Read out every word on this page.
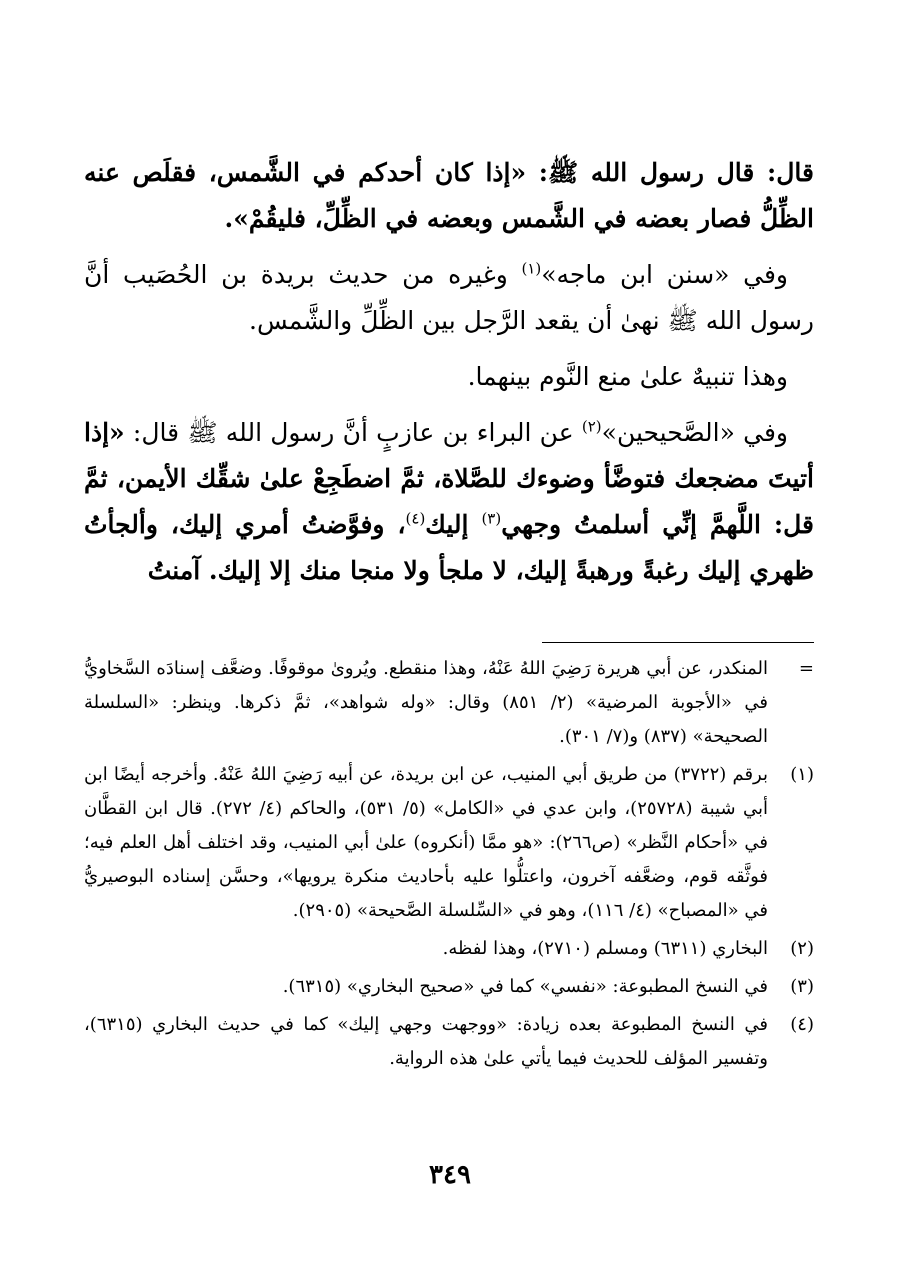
قال: قال رسول الله ﷺ: «إذا كان أحدكم في الشَّمس، فقلَص عنه الظِّلُّ فصار بعضه في الشَّمس وبعضه في الظِّلِّ، فليقُمْ».

وفي «سنن ابن ماجه»$^{(١)}$ وغيره من حديث بريدة بن الحُصَيب أنَّ رسول الله ﷺ نهىٰ أن يقعد الرَّجل بين الظِّلِّ والشَّمس.

وهذا تنبيهٌ علىٰ منع النَّوم بينهما.

وفي «الصَّحيحين»$^{(٢)}$ عن البراء بن عازبٍ أنَّ رسول الله ﷺ قال: «إذا أتيتَ مضجعك فتوضَّأ وضوءك للصَّلاة، ثمَّ اضطَجِعْ علىٰ شقِّك الأيمن، ثمَّ قل: اللَّهمَّ إنِّي أسلمتُ وجهي$^{(٣)}$ إليك$^{(٤)}$، وفوَّضتُ أمري إليك، وألجأتُ ظهري إليك رغبةً ورهبةً إليك، لا ملجأ ولا منجا منك إلا إليك. آمنتُ

=
المنكدر، عن أبي هريرة رَضِيَ اللهُ عَنْهُ، وهذا منقطع. ويُروىٰ موقوفًا. وضعَّف إسنادَه السَّخاويُّ في «الأجوبة المرضية» (٢/ ٨٥١) وقال: «وله شواهد»، ثمَّ ذكرها. وينظر: «السلسلة الصحيحة» (٨٣٧) و(٧/ ٣٠١).
(١)
برقم (٣٧٢٢) من طريق أبي المنيب، عن ابن بريدة، عن أبيه رَضِيَ اللهُ عَنْهُ. وأخرجه أيضًا ابن أبي شيبة (٢٥٧٢٨)، وابن عدي في «الكامل» (٥/ ٥٣١)، والحاكم (٤/ ٢٧٢). قال ابن القطَّان في «أحكام النَّظر» (ص٢٦٦): «هو ممَّا (أنكروه) علىٰ أبي المنيب، وقد اختلف أهل العلم فيه؛ فوثَّقه قوم، وضعَّفه آخرون، واعتلُّوا عليه بأحاديث منكرة يرويها»، وحسَّن إسناده البوصيريُّ في «المصباح» (٤/ ١١٦)، وهو في «السِّلسلة الصَّحيحة» (٢٩٠٥).
(٢)
البخاري (٦٣١١) ومسلم (٢٧١٠)، وهذا لفظه.
(٣)
في النسخ المطبوعة: «نفسي» كما في «صحيح البخاري» (٦٣١٥).
(٤)
في النسخ المطبوعة بعده زيادة: «ووجهت وجهي إليك» كما في حديث البخاري (٦٣١٥)، وتفسير المؤلف للحديث فيما يأتي علىٰ هذه الرواية.
٣٤٩
